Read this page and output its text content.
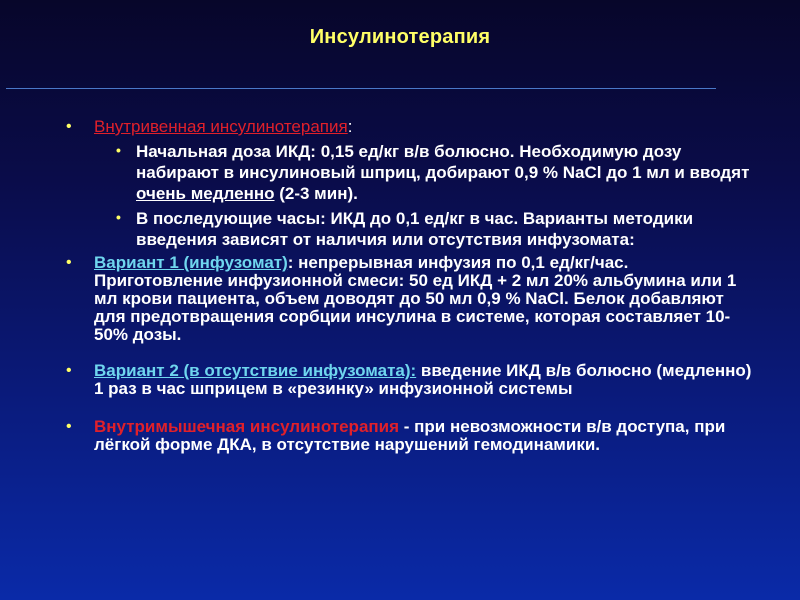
Инсулинотерапия
•	Внутривенная инсулинотерапия:
• Начальная доза ИКД: 0,15 ед/кг в/в болюсно. Необходимую дозу набирают в инсулиновый шприц, добирают 0,9 % NaCl до 1 мл и вводят очень медленно (2-3 мин).
• В последующие часы: ИКД до 0,1 ед/кг в час. Варианты методики введения зависят от наличия или отсутствия инфузомата:
•	Вариант 1 (инфузомат): непрерывная инфузия по 0,1 ед/кг/час. Приготовление инфузионной смеси: 50 ед ИКД + 2 мл 20% альбумина или 1 мл крови пациента, объем доводят до 50 мл 0,9 % NaCl. Белок добавляют для предотвращения сорбции инсулина в системе, которая составляет 10-50% дозы.
•	Вариант 2 (в отсутствие инфузомата): введение ИКД в/в болюсно (медленно) 1 раз в час шприцем в «резинку» инфузионной системы
•	Внутримышечная инсулинотерапия - при невозможности в/в доступа, при лёгкой форме ДКА, в отсутствие нарушений гемодинамики.
